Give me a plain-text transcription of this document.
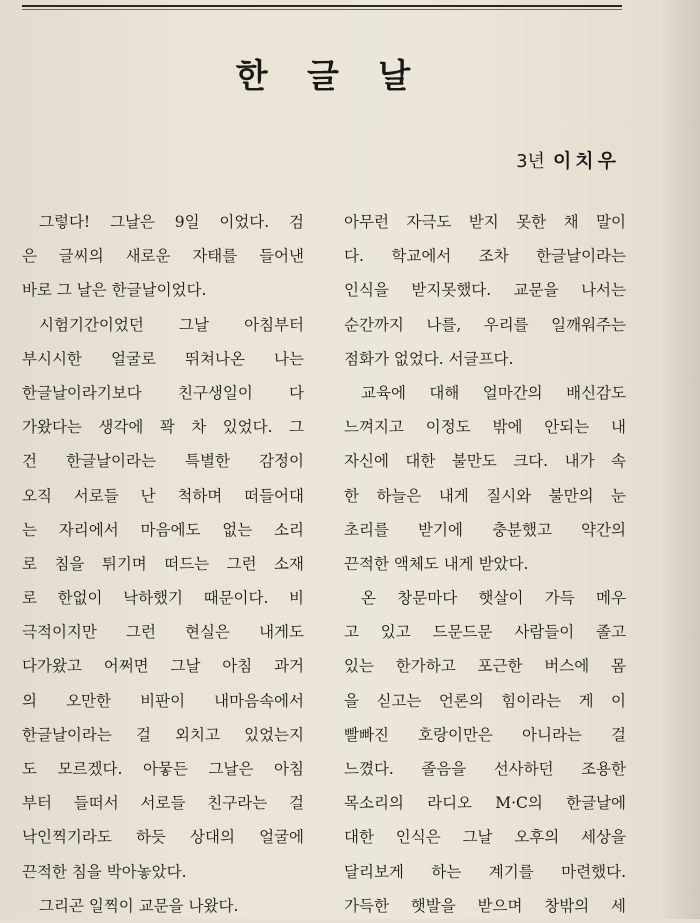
한 글 날
3년 이치우
그렇다! 그날은 9일 이었다. 검
은 글씨의 새로운 자태를 들어낸
바로 그 날은 한글날이었다.
시험기간이었던 그날 아침부터
부시시한 얼굴로 뛰쳐나온 나는
한글날이라기보다 친구생일이 다
가왔다는 생각에 꽉 차 있었다. 그
건 한글날이라는 특별한 감정이
오직 서로들 난 척하며 떠들어대
는 자리에서 마음에도 없는 소리
로 침을 튀기며 떠드는 그런 소재
로 한없이 낙하했기 때문이다. 비
극적이지만 그런 현실은 내게도
다가왔고 어쩌면 그날 아침 과거
의 오만한 비판이 내마음속에서
한글날이라는 걸 외치고 있었는지
도 모르겠다. 아뭏든 그날은 아침
부터 들떠서 서로들 친구라는 걸
낙인찍기라도 하듯 상대의 얼굴에
끈적한 침을 박아놓았다.
그리곤 일찍이 교문을 나왔다.
아무런 자극도 받지 못한 채 말이
다. 학교에서 조차 한글날이라는
인식을 받지못했다. 교문을 나서는
순간까지 나를, 우리를 일깨워주는
점화가 없었다. 서글프다.
교육에 대해 얼마간의 배신감도
느껴지고 이정도 밖에 안되는 내
자신에 대한 불만도 크다. 내가 속
한 하늘은 내게 질시와 불만의 눈
초리를 받기에 충분했고 약간의
끈적한 액체도 내게 받았다.
온 창문마다 햇살이 가득 메우
고 있고 드문드문 사람들이 졸고
있는 한가하고 포근한 버스에 몸
을 싣고는 언론의 힘이라는 게 이
빨빠진 호랑이만은 아니라는 걸
느꼈다. 졸음을 선사하던 조용한
목소리의 라디오 M·C의 한글날에
대한 인식은 그날 오후의 세상을
달리보게 하는 계기를 마련했다.
가득한 햇발을 받으며 창밖의 세
